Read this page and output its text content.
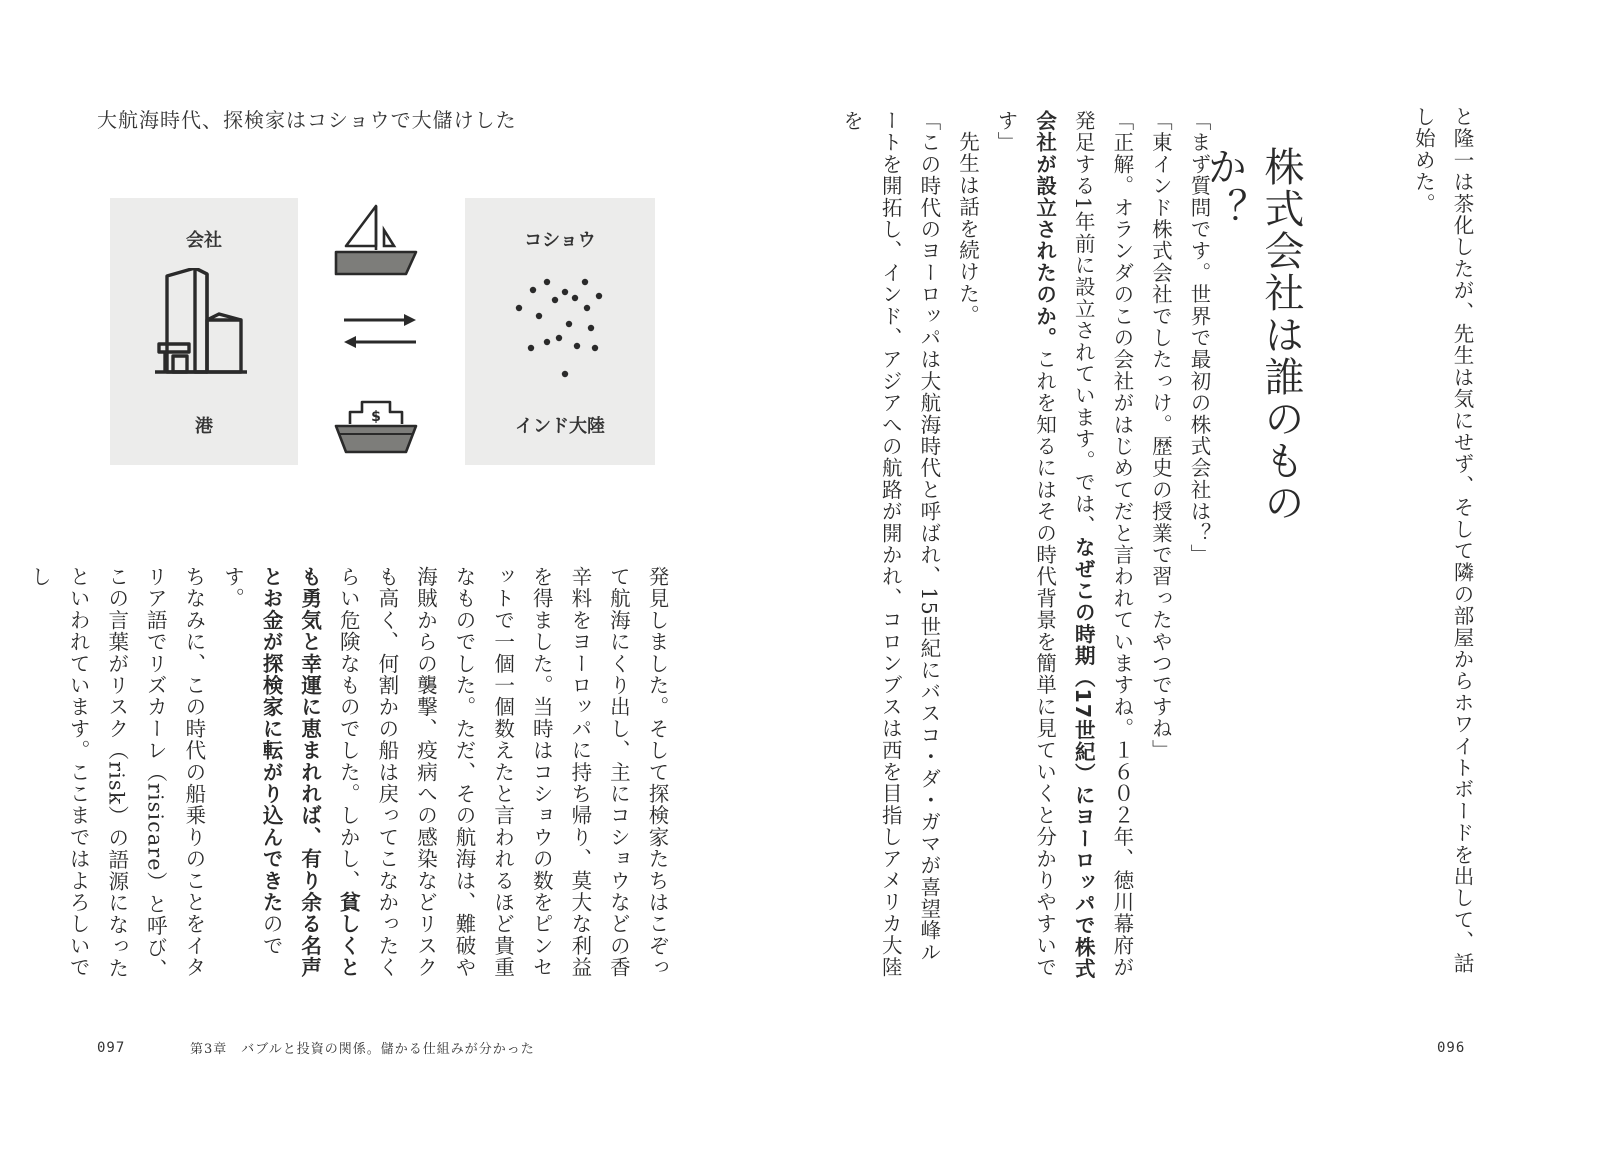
大航海時代、探検家はコショウで大儲けした
会社
港	$
コショウ
インド大陸

発見しました。そして探検家たちはこぞって航海にくり出し、主にコショウなどの香辛料をヨーロッパに持ち帰り、莫大な利益を得ました。当時はコショウの数をピンセットで一個一個数えたと言われるほど貴重なものでした。ただ、その航海は、難破や海賊からの襲撃、疫病への感染などリスクも高く、何割かの船は戻ってこなかったくらい危険なものでした。しかし、貧しくとも勇気と幸運に恵まれれば、有り余る名声とお金が探検家に転がり込んできたのです。

ちなみに、この時代の船乗りのことをイタリア語でリズカーレ（risicare）と呼び、この言葉がリスク（risk）の語源になったといわれています。ここまではよろしいでし

097	第3章　バブルと投資の関係。儲かる仕組みが分かった

と隆一は茶化したが、先生は気にせず、そして隣の部屋からホワイトボードを出して、話し始めた。

株式会社は誰のものか？

「まず質問です。世界で最初の株式会社は？」

「東インド株式会社でしたっけ。歴史の授業で習ったやつですね」

「正解。オランダのこの会社がはじめてだと言われていますね。１６０２年、徳川幕府が発足する1年前に設立されています。では、なぜこの時期（17世紀）にヨーロッパで株式会社が設立されたのか。これを知るにはその時代背景を簡単に見ていくと分かりやすいです」

先生は話を続けた。

「この時代のヨーロッパは大航海時代と呼ばれ、15世紀にバスコ・ダ・ガマが喜望峰ルートを開拓し、インド、アジアへの航路が開かれ、コロンブスは西を目指しアメリカ大陸を

096
